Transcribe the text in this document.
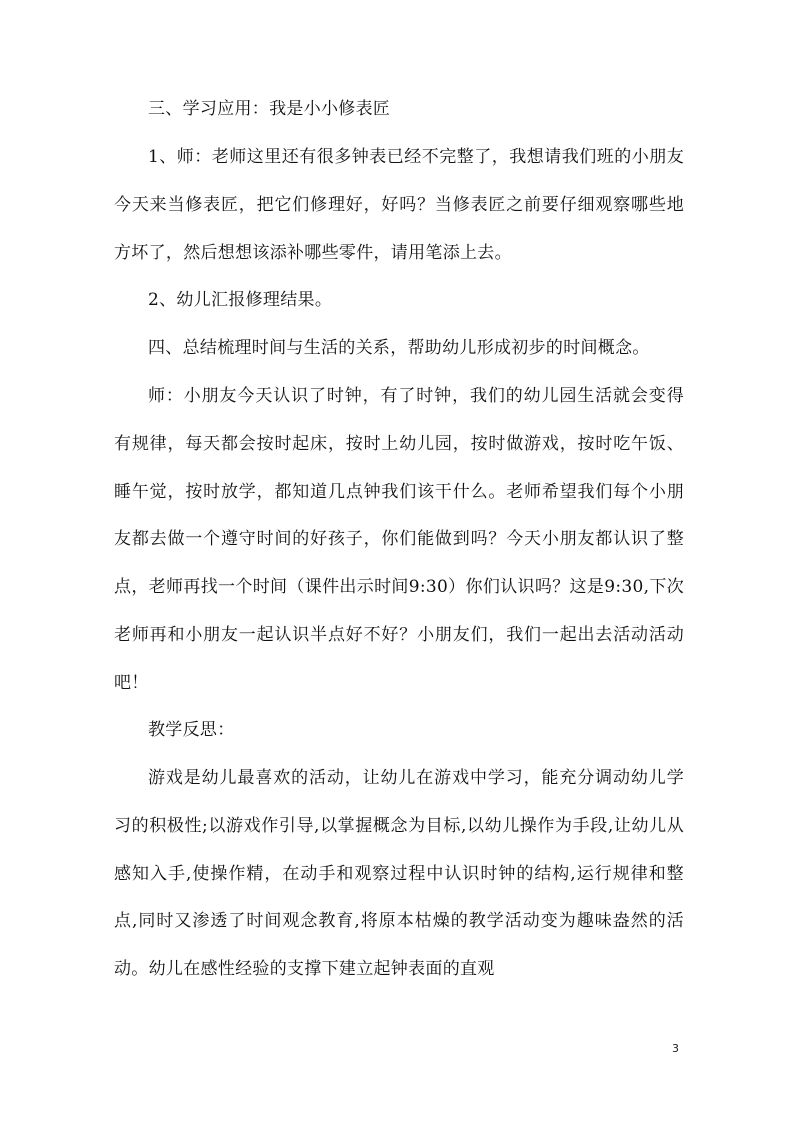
三、学习应用：我是小小修表匠

1、师：老师这里还有很多钟表已经不完整了，我想请我们班的小朋友今天来当修表匠，把它们修理好，好吗？当修表匠之前要仔细观察哪些地方坏了，然后想想该添补哪些零件，请用笔添上去。

2、幼儿汇报修理结果。

四、总结梳理时间与生活的关系，帮助幼儿形成初步的时间概念。

师：小朋友今天认识了时钟，有了时钟，我们的幼儿园生活就会变得有规律，每天都会按时起床，按时上幼儿园，按时做游戏，按时吃午饭、睡午觉，按时放学，都知道几点钟我们该干什么。老师希望我们每个小朋友都去做一个遵守时间的好孩子，你们能做到吗？今天小朋友都认识了整点，老师再找一个时间（课件出示时间9:30）你们认识吗？这是9:30,下次老师再和小朋友一起认识半点好不好？小朋友们，我们一起出去活动活动吧！

教学反思：

游戏是幼儿最喜欢的活动，让幼儿在游戏中学习，能充分调动幼儿学习的积极性;以游戏作引导,以掌握概念为目标,以幼儿操作为手段,让幼儿从感知入手,使操作精，在动手和观察过程中认识时钟的结构,运行规律和整点,同时又渗透了时间观念教育,将原本枯燥的教学活动变为趣味盎然的活动。幼儿在感性经验的支撑下建立起钟表面的直观

3
